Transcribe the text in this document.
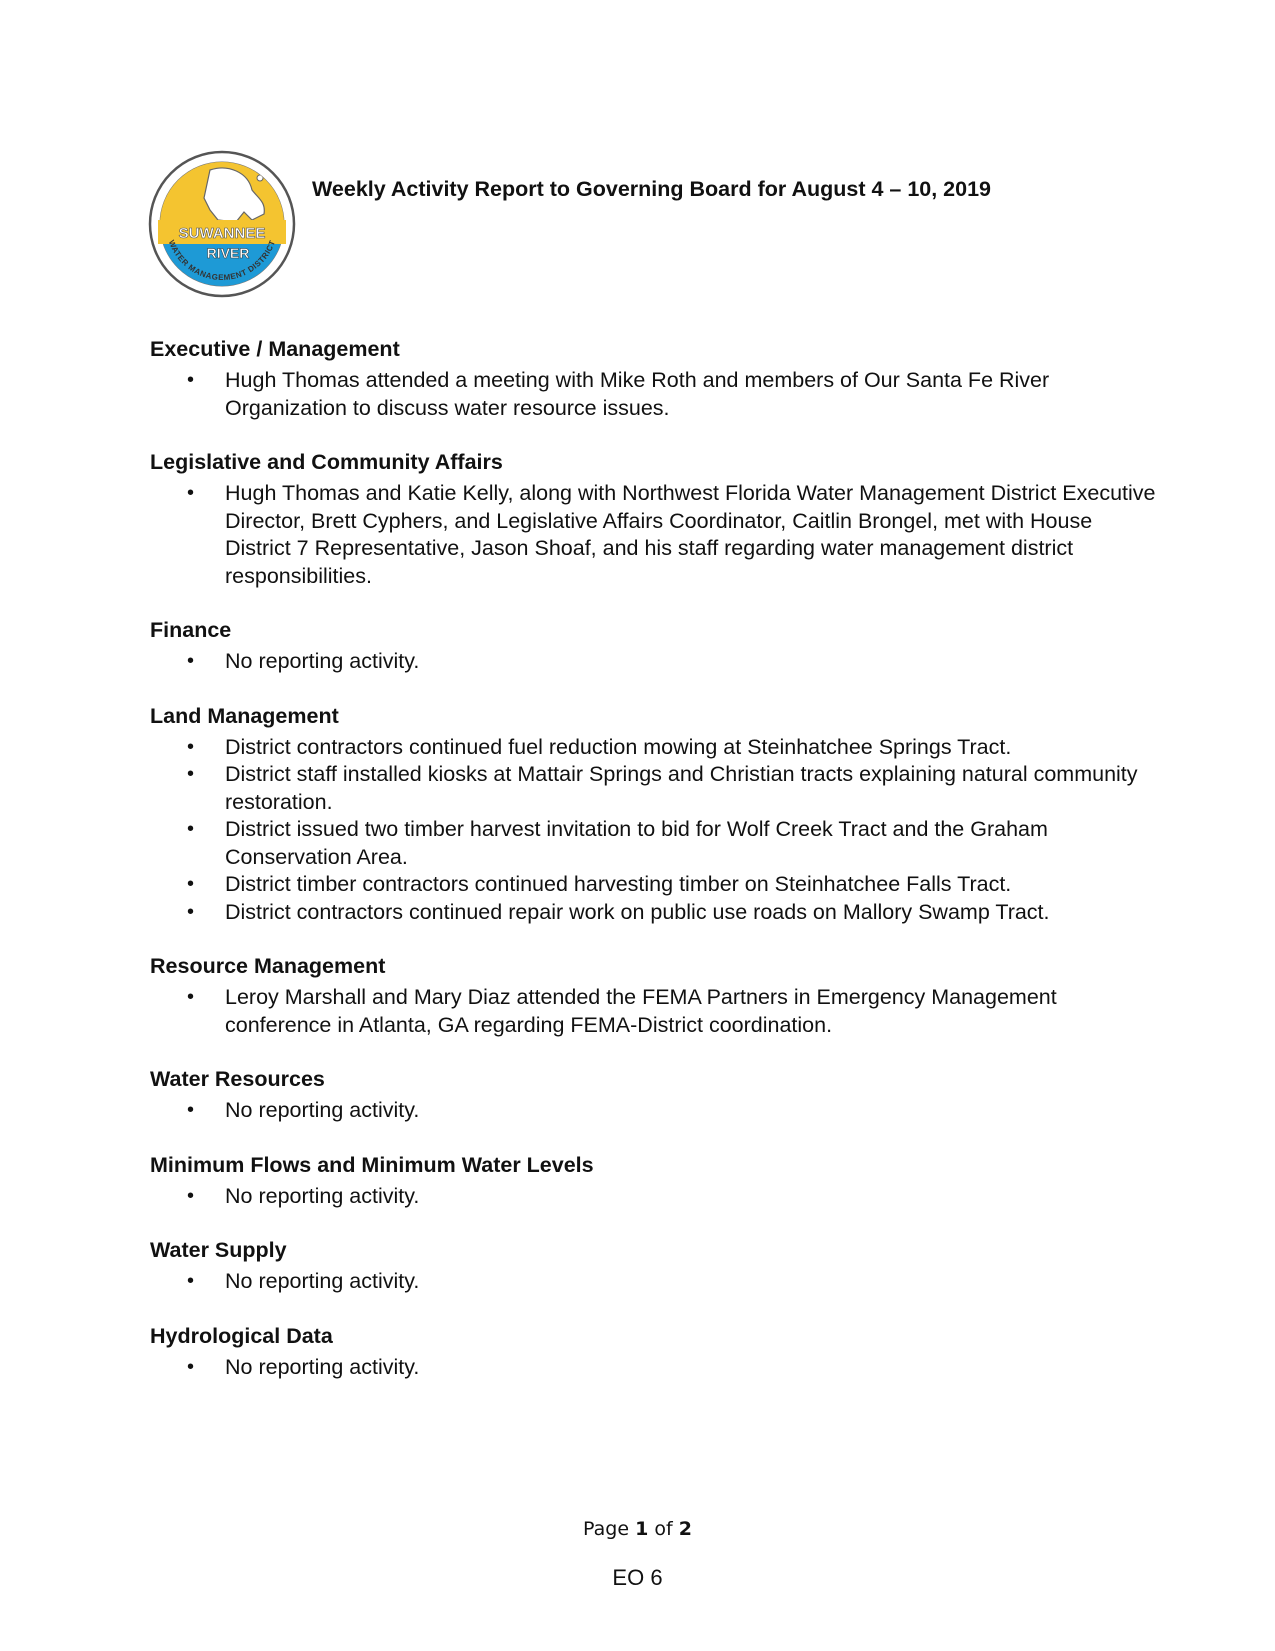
SUWANNEE
RIVER
WATER MANAGEMENT DISTRICT
Weekly Activity Report to Governing Board for August 4 – 10, 2019
Executive / Management
• Hugh Thomas attended a meeting with Mike Roth and members of Our Santa Fe River Organization to discuss water resource issues.
Legislative and Community Affairs
• Hugh Thomas and Katie Kelly, along with Northwest Florida Water Management District Executive Director, Brett Cyphers, and Legislative Affairs Coordinator, Caitlin Brongel, met with House District 7 Representative, Jason Shoaf, and his staff regarding water management district responsibilities.
Finance
• No reporting activity.
Land Management
• District contractors continued fuel reduction mowing at Steinhatchee Springs Tract.
• District staff installed kiosks at Mattair Springs and Christian tracts explaining natural community restoration.
• District issued two timber harvest invitation to bid for Wolf Creek Tract and the Graham Conservation Area.
• District timber contractors continued harvesting timber on Steinhatchee Falls Tract.
• District contractors continued repair work on public use roads on Mallory Swamp Tract.
Resource Management
• Leroy Marshall and Mary Diaz attended the FEMA Partners in Emergency Management conference in Atlanta, GA regarding FEMA-District coordination.
Water Resources
• No reporting activity.
Minimum Flows and Minimum Water Levels
• No reporting activity.
Water Supply
• No reporting activity.
Hydrological Data
• No reporting activity.
Page 1 of 2
EO 6
